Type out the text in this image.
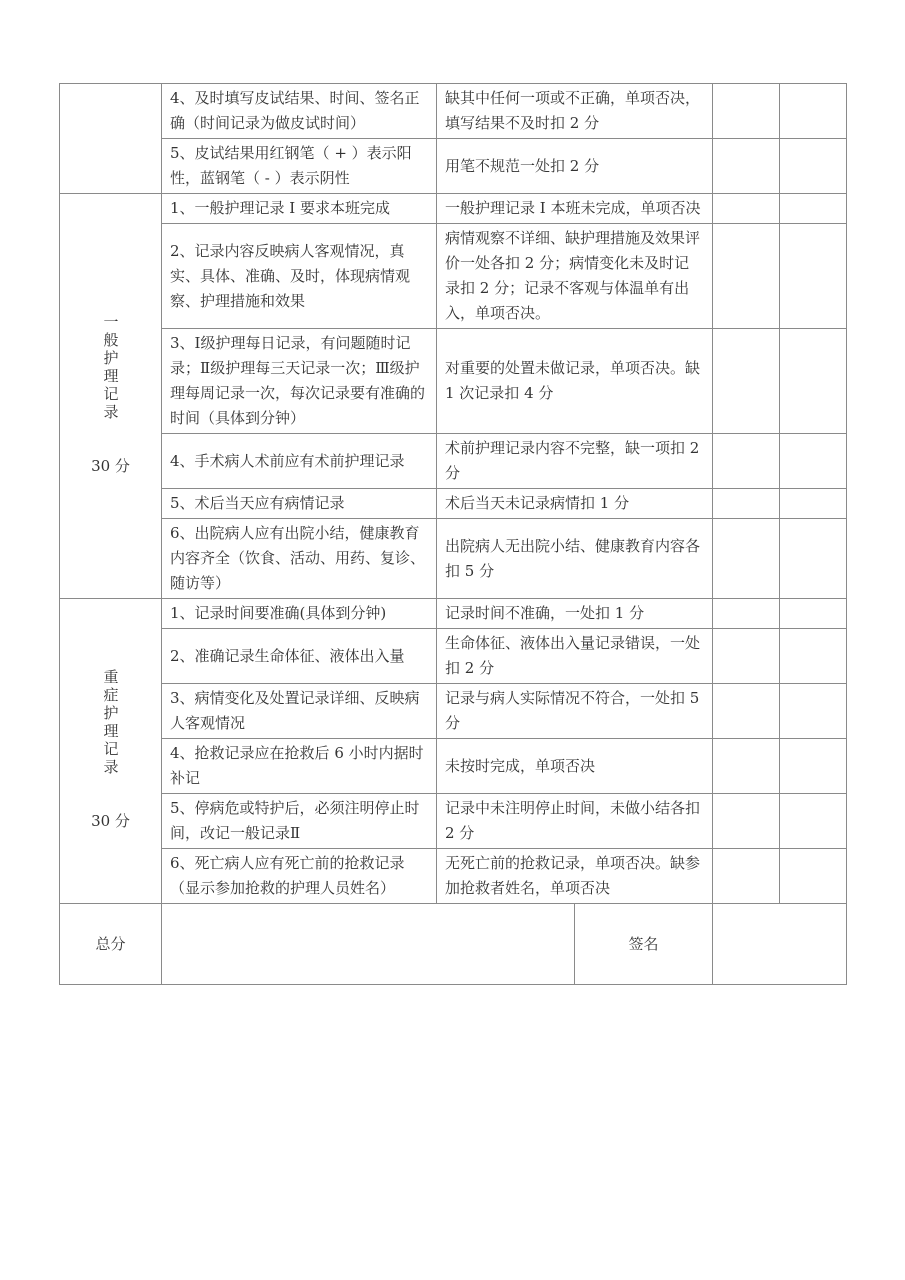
	4、及时填写皮试结果、时间、签名正确（时间记录为做皮试时间）	缺其中任何一项或不正确，单项否决，填写结果不及时扣 2 分			
	5、皮试结果用红钢笔（ + ）表示阳性，蓝钢笔（ - ）表示阴性	用笔不规范一处扣 2 分			
一般护理记录
30 分	1、一般护理记录 I 要求本班完成	一般护理记录 I 本班未完成，单项否决			
	2、记录内容反映病人客观情况，真实、具体、准确、及时，体现病情观察、护理措施和效果	病情观察不详细、缺护理措施及效果评价一处各扣 2 分；病情变化未及时记录扣 2 分；记录不客观与体温单有出入，单项否决。			
	3、Ⅰ级护理每日记录，有问题随时记录；Ⅱ级护理每三天记录一次；Ⅲ级护理每周记录一次，每次记录要有准确的时间（具体到分钟）	对重要的处置未做记录，单项否决。缺 1 次记录扣 4 分			
	4、手术病人术前应有术前护理记录	术前护理记录内容不完整，缺一项扣 2 分			
	5、术后当天应有病情记录	术后当天未记录病情扣 1 分			
	6、出院病人应有出院小结，健康教育内容齐全（饮食、活动、用药、复诊、随访等）	出院病人无出院小结、健康教育内容各扣 5 分			
重症护理记录
30 分	1、记录时间要准确(具体到分钟)	记录时间不准确，一处扣 1 分			
	2、准确记录生命体征、液体出入量	生命体征、液体出入量记录错误，一处扣 2 分			
	3、病情变化及处置记录详细、反映病人客观情况	记录与病人实际情况不符合，一处扣 5 分			
	4、抢救记录应在抢救后 6 小时内据时补记	未按时完成，单项否决			
	5、停病危或特护后，必须注明停止时间，改记一般记录Ⅱ	记录中未注明停止时间，未做小结各扣 2 分			
	6、死亡病人应有死亡前的抢救记录（显示参加抢救的护理人员姓名）	无死亡前的抢救记录，单项否决。缺参加抢救者姓名，单项否决			
总分			签名		
